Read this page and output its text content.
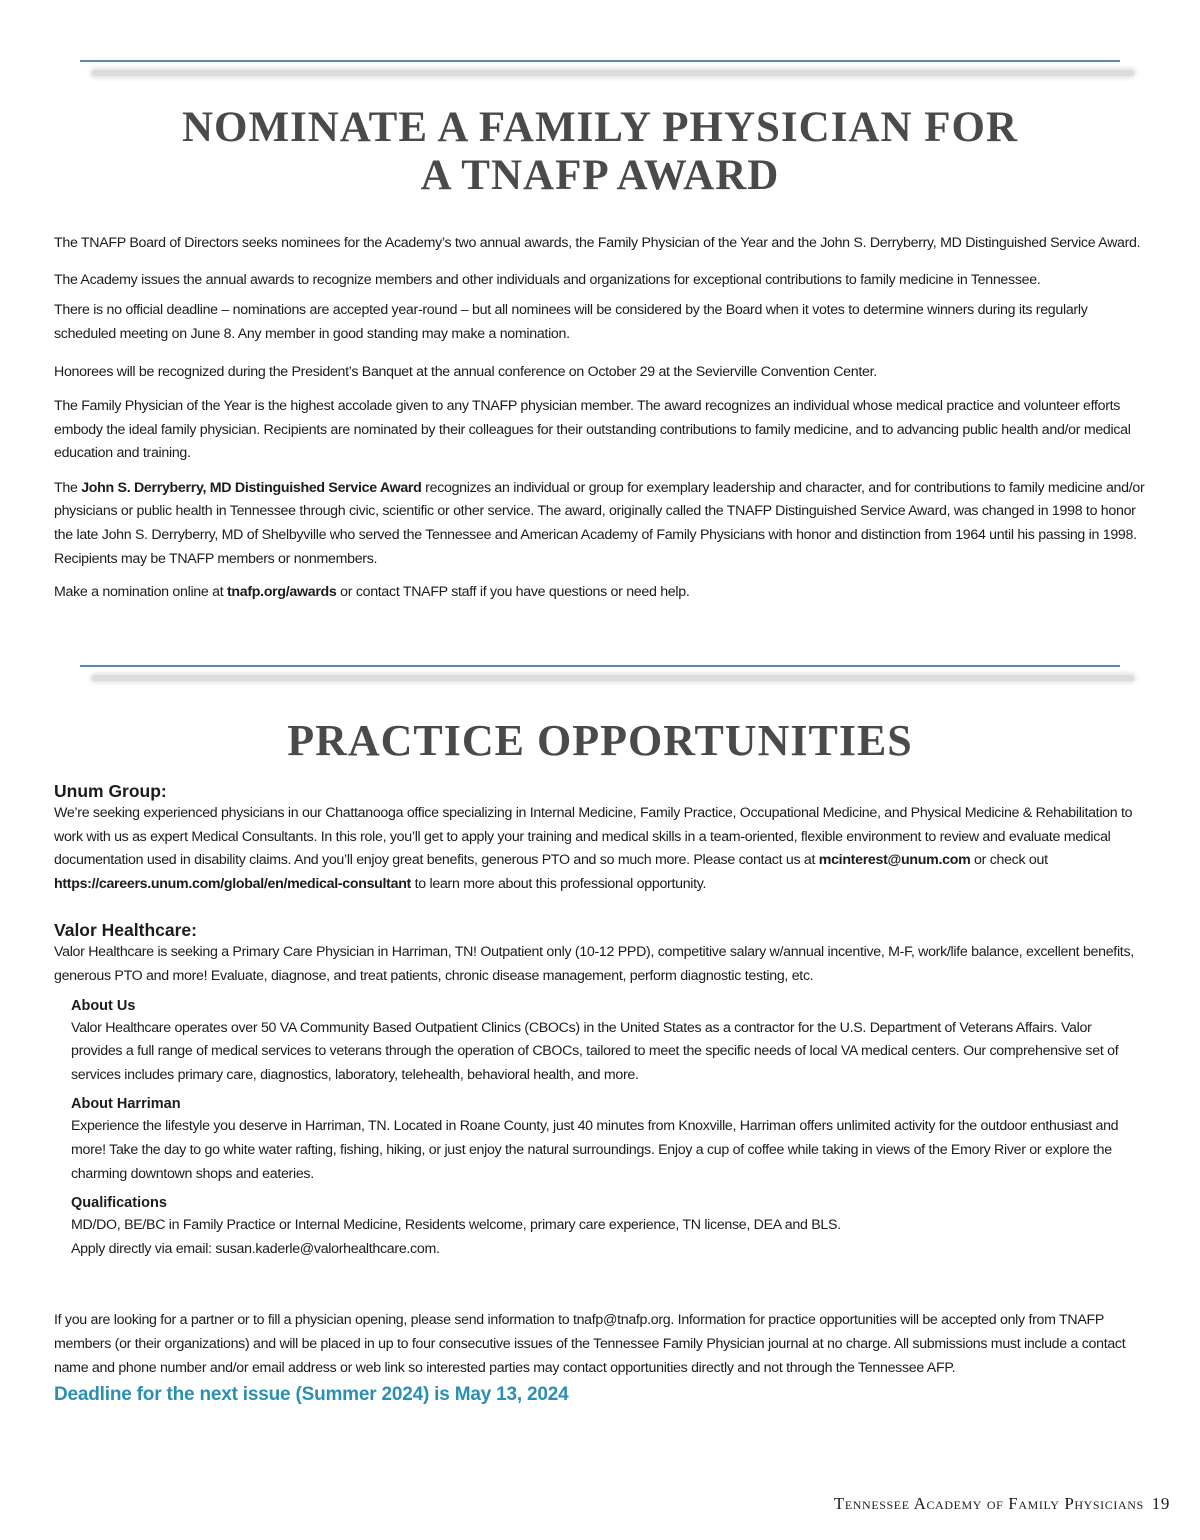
NOMINATE A FAMILY PHYSICIAN FOR
A TNAFP AWARD

The TNAFP Board of Directors seeks nominees for the Academy’s two annual awards, the Family Physician of the Year and the John S. Derryberry, MD Distinguished Service Award.

The Academy issues the annual awards to recognize members and other individuals and organizations for exceptional contributions to family medicine in Tennessee.

There is no official deadline – nominations are accepted year-round – but all nominees will be considered by the Board when it votes to determine winners during its regularly scheduled meeting on June 8. Any member in good standing may make a nomination.

Honorees will be recognized during the President’s Banquet at the annual conference on October 29 at the Sevierville Convention Center.

The Family Physician of the Year is the highest accolade given to any TNAFP physician member. The award recognizes an individual whose medical practice and volunteer efforts embody the ideal family physician. Recipients are nominated by their colleagues for their outstanding contributions to family medicine, and to advancing public health and/or medical education and training.

The John S. Derryberry, MD Distinguished Service Award recognizes an individual or group for exemplary leadership and character, and for contributions to family medicine and/or physicians or public health in Tennessee through civic, scientific or other service. The award, originally called the TNAFP Distinguished Service Award, was changed in 1998 to honor the late John S. Derryberry, MD of Shelbyville who served the Tennessee and American Academy of Family Physicians with honor and distinction from 1964 until his passing in 1998. Recipients may be TNAFP members or nonmembers.

Make a nomination online at tnafp.org/awards or contact TNAFP staff if you have questions or need help.

PRACTICE OPPORTUNITIES
Unum Group:

We’re seeking experienced physicians in our Chattanooga office specializing in Internal Medicine, Family Practice, Occupational Medicine, and Physical Medicine & Rehabilitation to work with us as expert Medical Consultants. In this role, you’ll get to apply your training and medical skills in a team-oriented, flexible environment to review and evaluate medical documentation used in disability claims. And you’ll enjoy great benefits, generous PTO and so much more. Please contact us at mcinterest@unum.com or check out https://careers.unum.com/global/en/medical-consultant to learn more about this professional opportunity.

Valor Healthcare:

Valor Healthcare is seeking a Primary Care Physician in Harriman, TN! Outpatient only (10-12 PPD), competitive salary w/annual incentive, M-F, work/life balance, excellent benefits, generous PTO and more! Evaluate, diagnose, and treat patients, chronic disease management, perform diagnostic testing, etc.

About Us

Valor Healthcare operates over 50 VA Community Based Outpatient Clinics (CBOCs) in the United States as a contractor for the U.S. Department of Veterans Affairs. Valor provides a full range of medical services to veterans through the operation of CBOCs, tailored to meet the specific needs of local VA medical centers. Our comprehensive set of services includes primary care, diagnostics, laboratory, telehealth, behavioral health, and more.

About Harriman

Experience the lifestyle you deserve in Harriman, TN. Located in Roane County, just 40 minutes from Knoxville, Harriman offers unlimited activity for the outdoor enthusiast and more! Take the day to go white water rafting, fishing, hiking, or just enjoy the natural surroundings. Enjoy a cup of coffee while taking in views of the Emory River or explore the charming downtown shops and eateries.

Qualifications

MD/DO, BE/BC in Family Practice or Internal Medicine, Residents welcome, primary care experience, TN license, DEA and BLS.

Apply directly via email: susan.kaderle@valorhealthcare.com.

If you are looking for a partner or to fill a physician opening, please send information to tnafp@tnafp.org. Information for practice opportunities will be accepted only from TNAFP members (or their organizations) and will be placed in up to four consecutive issues of the Tennessee Family Physician journal at no charge. All submissions must include a contact name and phone number and/or email address or web link so interested parties may contact opportunities directly and not through the Tennessee AFP.

Deadline for the next issue (Summer 2024) is May 13, 2024
Tennessee Academy of Family Physicians 19
